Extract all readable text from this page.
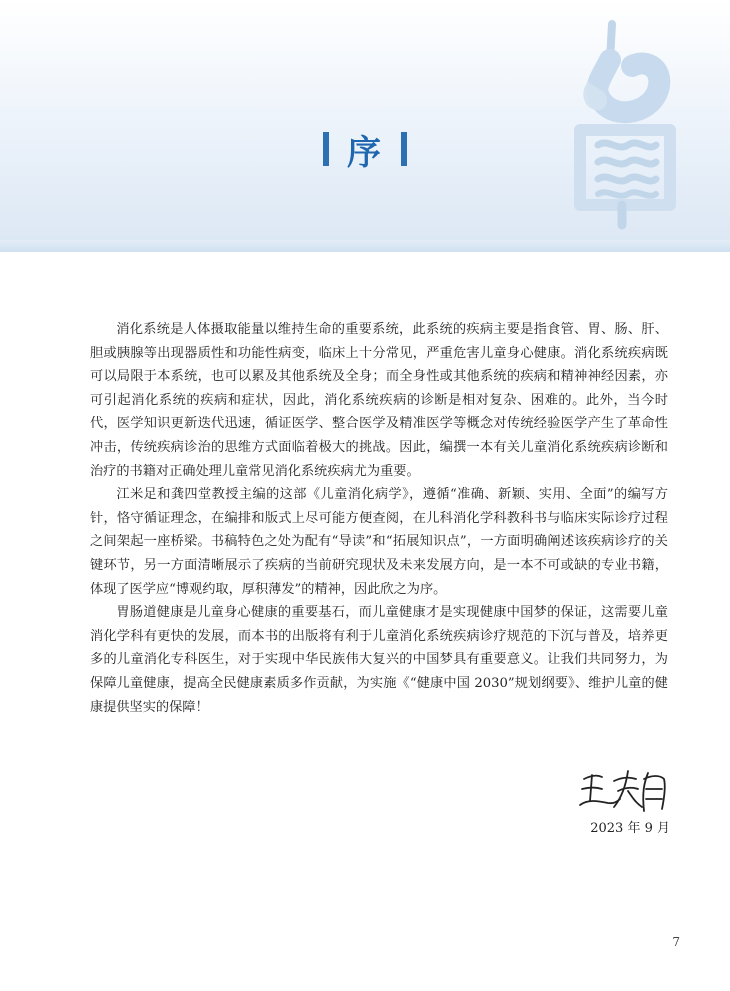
序

消化系统是人体摄取能量以维持生命的重要系统，此系统的疾病主要是指食管、胃、肠、肝、胆或胰腺等出现器质性和功能性病变，临床上十分常见，严重危害儿童身心健康。消化系统疾病既可以局限于本系统，也可以累及其他系统及全身；而全身性或其他系统的疾病和精神神经因素，亦可引起消化系统的疾病和症状，因此，消化系统疾病的诊断是相对复杂、困难的。此外，当今时代，医学知识更新迭代迅速，循证医学、整合医学及精准医学等概念对传统经验医学产生了革命性冲击，传统疾病诊治的思维方式面临着极大的挑战。因此，编撰一本有关儿童消化系统疾病诊断和治疗的书籍对正确处理儿童常见消化系统疾病尤为重要。

江米足和龚四堂教授主编的这部《儿童消化病学》，遵循“准确、新颖、实用、全面”的编写方针，恪守循证理念，在编排和版式上尽可能方便查阅，在儿科消化学科教科书与临床实际诊疗过程之间架起一座桥梁。书稿特色之处为配有“导读”和“拓展知识点”，一方面明确阐述该疾病诊疗的关键环节，另一方面清晰展示了疾病的当前研究现状及未来发展方向，是一本不可或缺的专业书籍，体现了医学应“博观约取，厚积薄发”的精神，因此欣之为序。

胃肠道健康是儿童身心健康的重要基石，而儿童健康才是实现健康中国梦的保证，这需要儿童消化学科有更快的发展，而本书的出版将有利于儿童消化系统疾病诊疗规范的下沉与普及，培养更多的儿童消化专科医生，对于实现中华民族伟大复兴的中国梦具有重要意义。让我们共同努力，为保障儿童健康，提高全民健康素质多作贡献，为实施《“健康中国 2030”规划纲要》、维护儿童的健康提供坚实的保障！

2023 年 9 月
7
